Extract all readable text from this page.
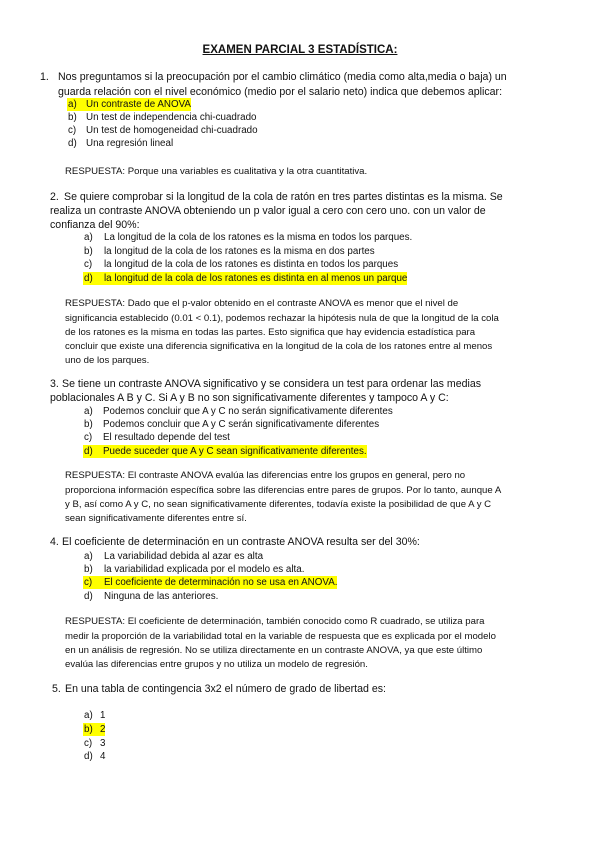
EXAMEN PARCIAL 3 ESTADÍSTICA:
1. Nos preguntamos si la preocupación por el cambio climático (media como alta,media o baja) un
guarda relación con el nivel económico (medio por el salario neto) indica que debemos aplicar:
a) Un contraste de ANOVA
b) Un test de independencia chi-cuadrado
c) Un test de homogeneidad chi-cuadrado
d) Una regresión lineal
RESPUESTA: Porque una variables es cualitativa y la otra cuantitativa.
2. Se quiere comprobar si la longitud de la cola de ratón en tres partes distintas es la misma. Se
realiza un contraste ANOVA obteniendo un p valor igual a cero con cero uno. con un valor de
confianza del 90%:
a) La longitud de la cola de los ratones es la misma en todos los parques.
b) la longitud de la cola de los ratones es la misma en dos partes
c) la longitud de la cola de los ratones es distinta en todos los parques
d) la longitud de la cola de los ratones es distinta en al menos un parque
RESPUESTA: Dado que el p-valor obtenido en el contraste ANOVA es menor que el nivel de
significancia establecido (0.01 < 0.1), podemos rechazar la hipótesis nula de que la longitud de la cola
de los ratones es la misma en todas las partes. Esto significa que hay evidencia estadística para
concluir que existe una diferencia significativa en la longitud de la cola de los ratones entre al menos
uno de los parques.
3. Se tiene un contraste ANOVA significativo y se considera un test para ordenar las medias
poblacionales A B y C. Si A y B no son significativamente diferentes y tampoco A y C:
a) Podemos concluir que A y C no serán significativamente diferentes
b) Podemos concluir que A y C serán significativamente diferentes
c) El resultado depende del test
d) Puede suceder que A y C sean significativamente diferentes.
RESPUESTA: El contraste ANOVA evalúa las diferencias entre los grupos en general, pero no
proporciona información específica sobre las diferencias entre pares de grupos. Por lo tanto, aunque A
y B, así como A y C, no sean significativamente diferentes, todavía existe la posibilidad de que A y C
sean significativamente diferentes entre sí.
4. El coeficiente de determinación en un contraste ANOVA resulta ser del 30%:
a) La variabilidad debida al azar es alta
b) la variabilidad explicada por el modelo es alta.
c) El coeficiente de determinación no se usa en ANOVA.
d) Ninguna de las anteriores.
RESPUESTA: El coeficiente de determinación, también conocido como R cuadrado, se utiliza para
medir la proporción de la variabilidad total en la variable de respuesta que es explicada por el modelo
en un análisis de regresión. No se utiliza directamente en un contraste ANOVA, ya que este último
evalúa las diferencias entre grupos y no utiliza un modelo de regresión.
5. En una tabla de contingencia 3x2 el número de grado de libertad es:
a) 1
b) 2
c) 3
d) 4
